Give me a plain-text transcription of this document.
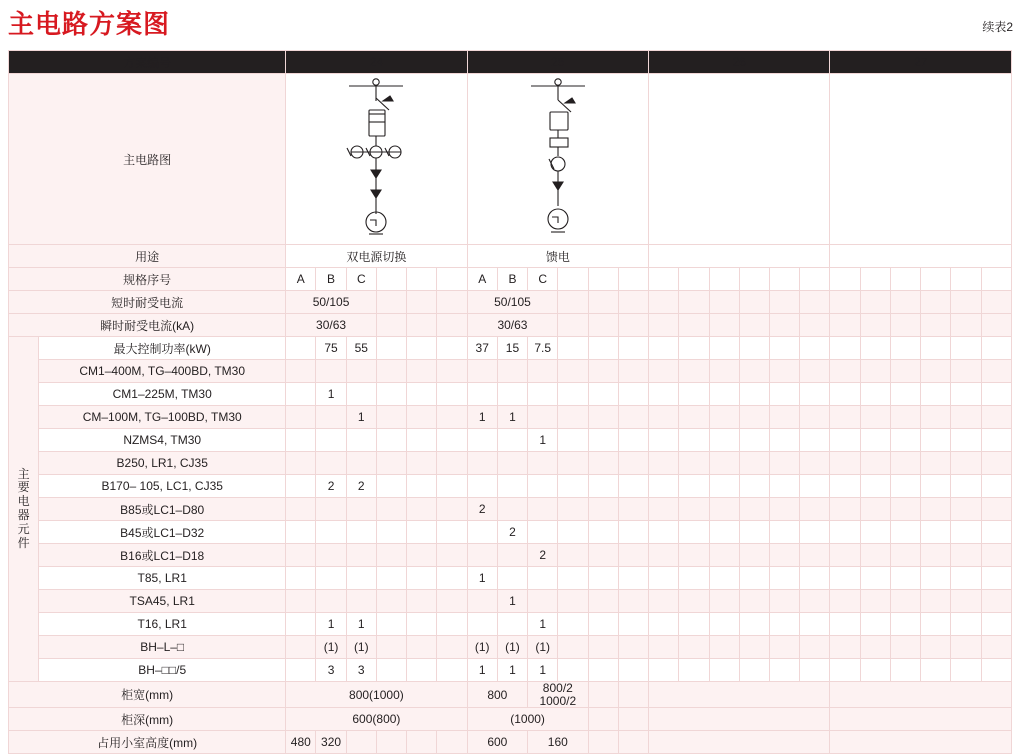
主电路方案图	续表2
方案编号		24						25						26						27					
主电路图	

用途		双电源切换						馈电																	
规格序号		A	B	C				A	B	C															
短时耐受电流		50/105						50/105																	
瞬时耐受电流(kA)		30/63						30/63																	

主
要
电
器
元
件
	最大控制功率(kW)		75	55				37	15	7.5															
	CM1–400M, TG–400BD, TM30																								
	CM1–225M, TM30		1																						
	CM–100M, TG–100BD, TM30			1				1	1																
	NZMS4, TM30									1															
	B250, LR1, CJ35																								
	B170– 105, LC1, CJ35		2	2																					
	B85或LC1–D80							2																	
	B45或LC1–D32								2																
	B16或LC1–D18									2															
	T85, LR1							1																	
	TSA45, LR1								1																
	T16, LR1		1	1						1															
	BH–L–□		(1)	(1)				(1)	(1)	(1)															
	BH–□□/5		3	3				1	1	1															
柜宽(mm)		800(1000)						800		800/2
1000/2															

柜深(mm)		600(800)						(1000)																	
占用小室高度(mm)		480	320					600		160															
